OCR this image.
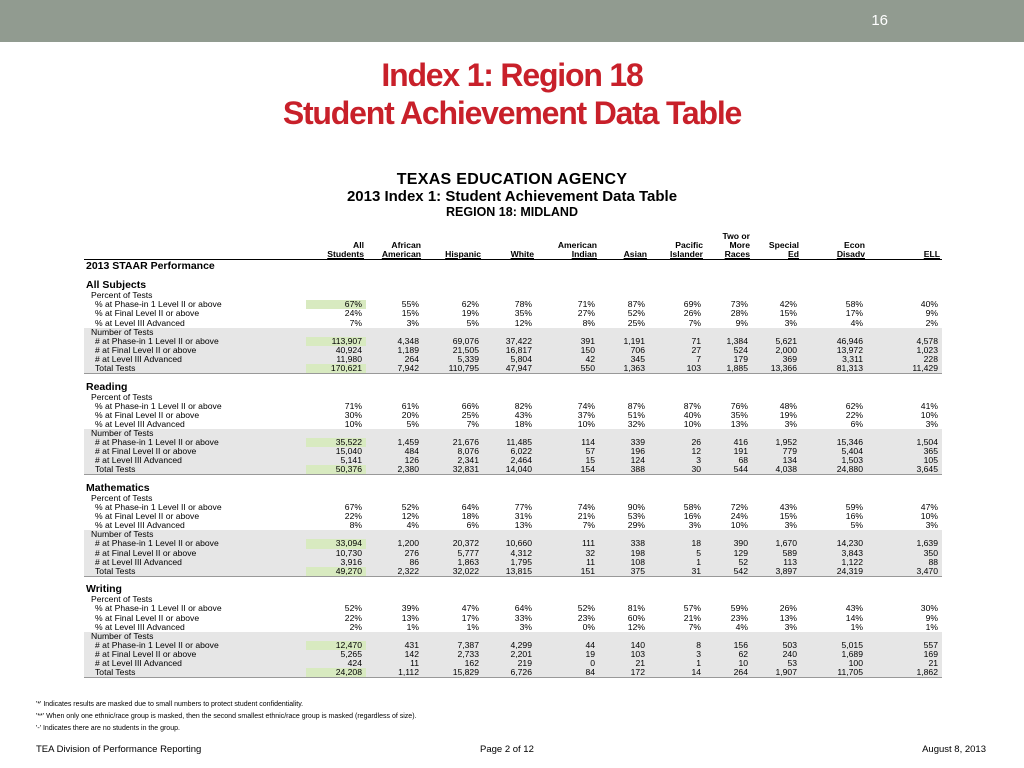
16
Index 1: Region 18
Student Achievement Data Table
TEXAS EDUCATION AGENCY
2013 Index 1: Student Achievement Data Table
REGION 18: MIDLAND
								Two or			
	All	African			American		Pacific	More	Special	Econ	
	Students	American	Hispanic	White	Indian	Asian	Islander	Races	Ed	Disadv	ELL
2013 STAAR Performance											

All Subjects											
Percent of Tests											
% at Phase-in 1 Level II or above	67%	55%	62%	78%	71%	87%	69%	73%	42%	58%	40%
% at Final Level II or above	24%	15%	19%	35%	27%	52%	26%	28%	15%	17%	9%
% at Level III Advanced	7%	3%	5%	12%	8%	25%	7%	9%	3%	4%	2%
Number of Tests											
# at Phase-in 1 Level II or above	113,907	4,348	69,076	37,422	391	1,191	71	1,384	5,621	46,946	4,578
# at Final Level II or above	40,924	1,189	21,505	16,817	150	706	27	524	2,000	13,972	1,023
# at Level III Advanced	11,980	264	5,339	5,804	42	345	7	179	369	3,311	228
Total Tests	170,621	7,942	110,795	47,947	550	1,363	103	1,885	13,366	81,313	11,429

Reading											
Percent of Tests											
% at Phase-in 1 Level II or above	71%	61%	66%	82%	74%	87%	87%	76%	48%	62%	41%
% at Final Level II or above	30%	20%	25%	43%	37%	51%	40%	35%	19%	22%	10%
% at Level III Advanced	10%	5%	7%	18%	10%	32%	10%	13%	3%	6%	3%
Number of Tests											
# at Phase-in 1 Level II or above	35,522	1,459	21,676	11,485	114	339	26	416	1,952	15,346	1,504
# at Final Level II or above	15,040	484	8,076	6,022	57	196	12	191	779	5,404	365
# at Level III Advanced	5,141	126	2,341	2,464	15	124	3	68	134	1,503	105
Total Tests	50,376	2,380	32,831	14,040	154	388	30	544	4,038	24,880	3,645

Mathematics											
Percent of Tests											
% at Phase-in 1 Level II or above	67%	52%	64%	77%	74%	90%	58%	72%	43%	59%	47%
% at Final Level II or above	22%	12%	18%	31%	21%	53%	16%	24%	15%	16%	10%
% at Level III Advanced	8%	4%	6%	13%	7%	29%	3%	10%	3%	5%	3%
Number of Tests											
# at Phase-in 1 Level II or above	33,094	1,200	20,372	10,660	111	338	18	390	1,670	14,230	1,639
# at Final Level II or above	10,730	276	5,777	4,312	32	198	5	129	589	3,843	350
# at Level III Advanced	3,916	86	1,863	1,795	11	108	1	52	113	1,122	88
Total Tests	49,270	2,322	32,022	13,815	151	375	31	542	3,897	24,319	3,470

Writing											
Percent of Tests											
% at Phase-in 1 Level II or above	52%	39%	47%	64%	52%	81%	57%	59%	26%	43%	30%
% at Final Level II or above	22%	13%	17%	33%	23%	60%	21%	23%	13%	14%	9%
% at Level III Advanced	2%	1%	1%	3%	0%	12%	7%	4%	3%	1%	1%
Number of Tests											
# at Phase-in 1 Level II or above	12,470	431	7,387	4,299	44	140	8	156	503	5,015	557
# at Final Level II or above	5,265	142	2,733	2,201	19	103	3	62	240	1,689	169
# at Level III Advanced	424	11	162	219	0	21	1	10	53	100	21
Total Tests	24,208	1,112	15,829	6,726	84	172	14	264	1,907	11,705	1,862
'*' Indicates results are masked due to small numbers to protect student confidentiality.
'**' When only one ethnic/race group is masked, then the second smallest ethnic/race group is masked (regardless of size).
'-' Indicates there are no students in the group.
TEA Division of Performance Reporting	Page 2 of 12	August 8, 2013
